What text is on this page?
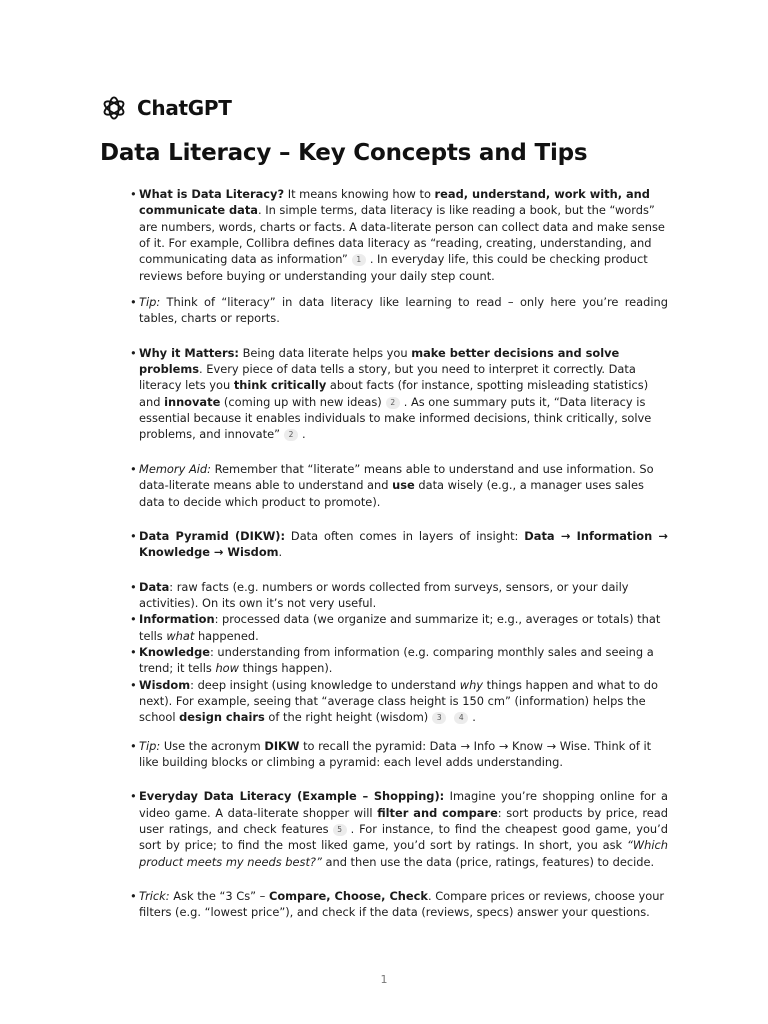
ChatGPT
Data Literacy – Key Concepts and Tips
• What is Data Literacy? It means knowing how to read, understand, work with, and communicate data. In simple terms, data literacy is like reading a book, but the “words” are numbers, words, charts or facts. A data-literate person can collect data and make sense of it. For example, Collibra defines data literacy as “reading, creating, understanding, and communicating data as information” 1 . In everyday life, this could be checking product reviews before buying or understanding your daily step count.
• Tip: Think of “literacy” in data literacy like learning to read – only here you’re reading tables, charts or reports.
• Why it Matters: Being data literate helps you make better decisions and solve problems. Every piece of data tells a story, but you need to interpret it correctly. Data literacy lets you think critically about facts (for instance, spotting misleading statistics) and innovate (coming up with new ideas) 2 . As one summary puts it, “Data literacy is essential because it enables individuals to make informed decisions, think critically, solve problems, and innovate” 2 .
• Memory Aid: Remember that “literate” means able to understand and use information. So data-literate means able to understand and use data wisely (e.g., a manager uses sales data to decide which product to promote).
• Data Pyramid (DIKW): Data often comes in layers of insight: Data → Information → Knowledge → Wisdom.
• Data: raw facts (e.g. numbers or words collected from surveys, sensors, or your daily activities). On its own it’s not very useful.
• Information: processed data (we organize and summarize it; e.g., averages or totals) that tells what happened.
• Knowledge: understanding from information (e.g. comparing monthly sales and seeing a trend; it tells how things happen).
• Wisdom: deep insight (using knowledge to understand why things happen and what to do next). For example, seeing that “average class height is 150 cm” (information) helps the school design chairs of the right height (wisdom) 3 4 .
• Tip: Use the acronym DIKW to recall the pyramid: Data → Info → Know → Wise. Think of it like building blocks or climbing a pyramid: each level adds understanding.
• Everyday Data Literacy (Example – Shopping): Imagine you’re shopping online for a video game. A data-literate shopper will filter and compare: sort products by price, read user ratings, and check features 5 . For instance, to find the cheapest good game, you’d sort by price; to find the most liked game, you’d sort by ratings. In short, you ask “Which product meets my needs best?” and then use the data (price, ratings, features) to decide.
• Trick: Ask the “3 Cs” – Compare, Choose, Check. Compare prices or reviews, choose your filters (e.g. “lowest price”), and check if the data (reviews, specs) answer your questions.
1
